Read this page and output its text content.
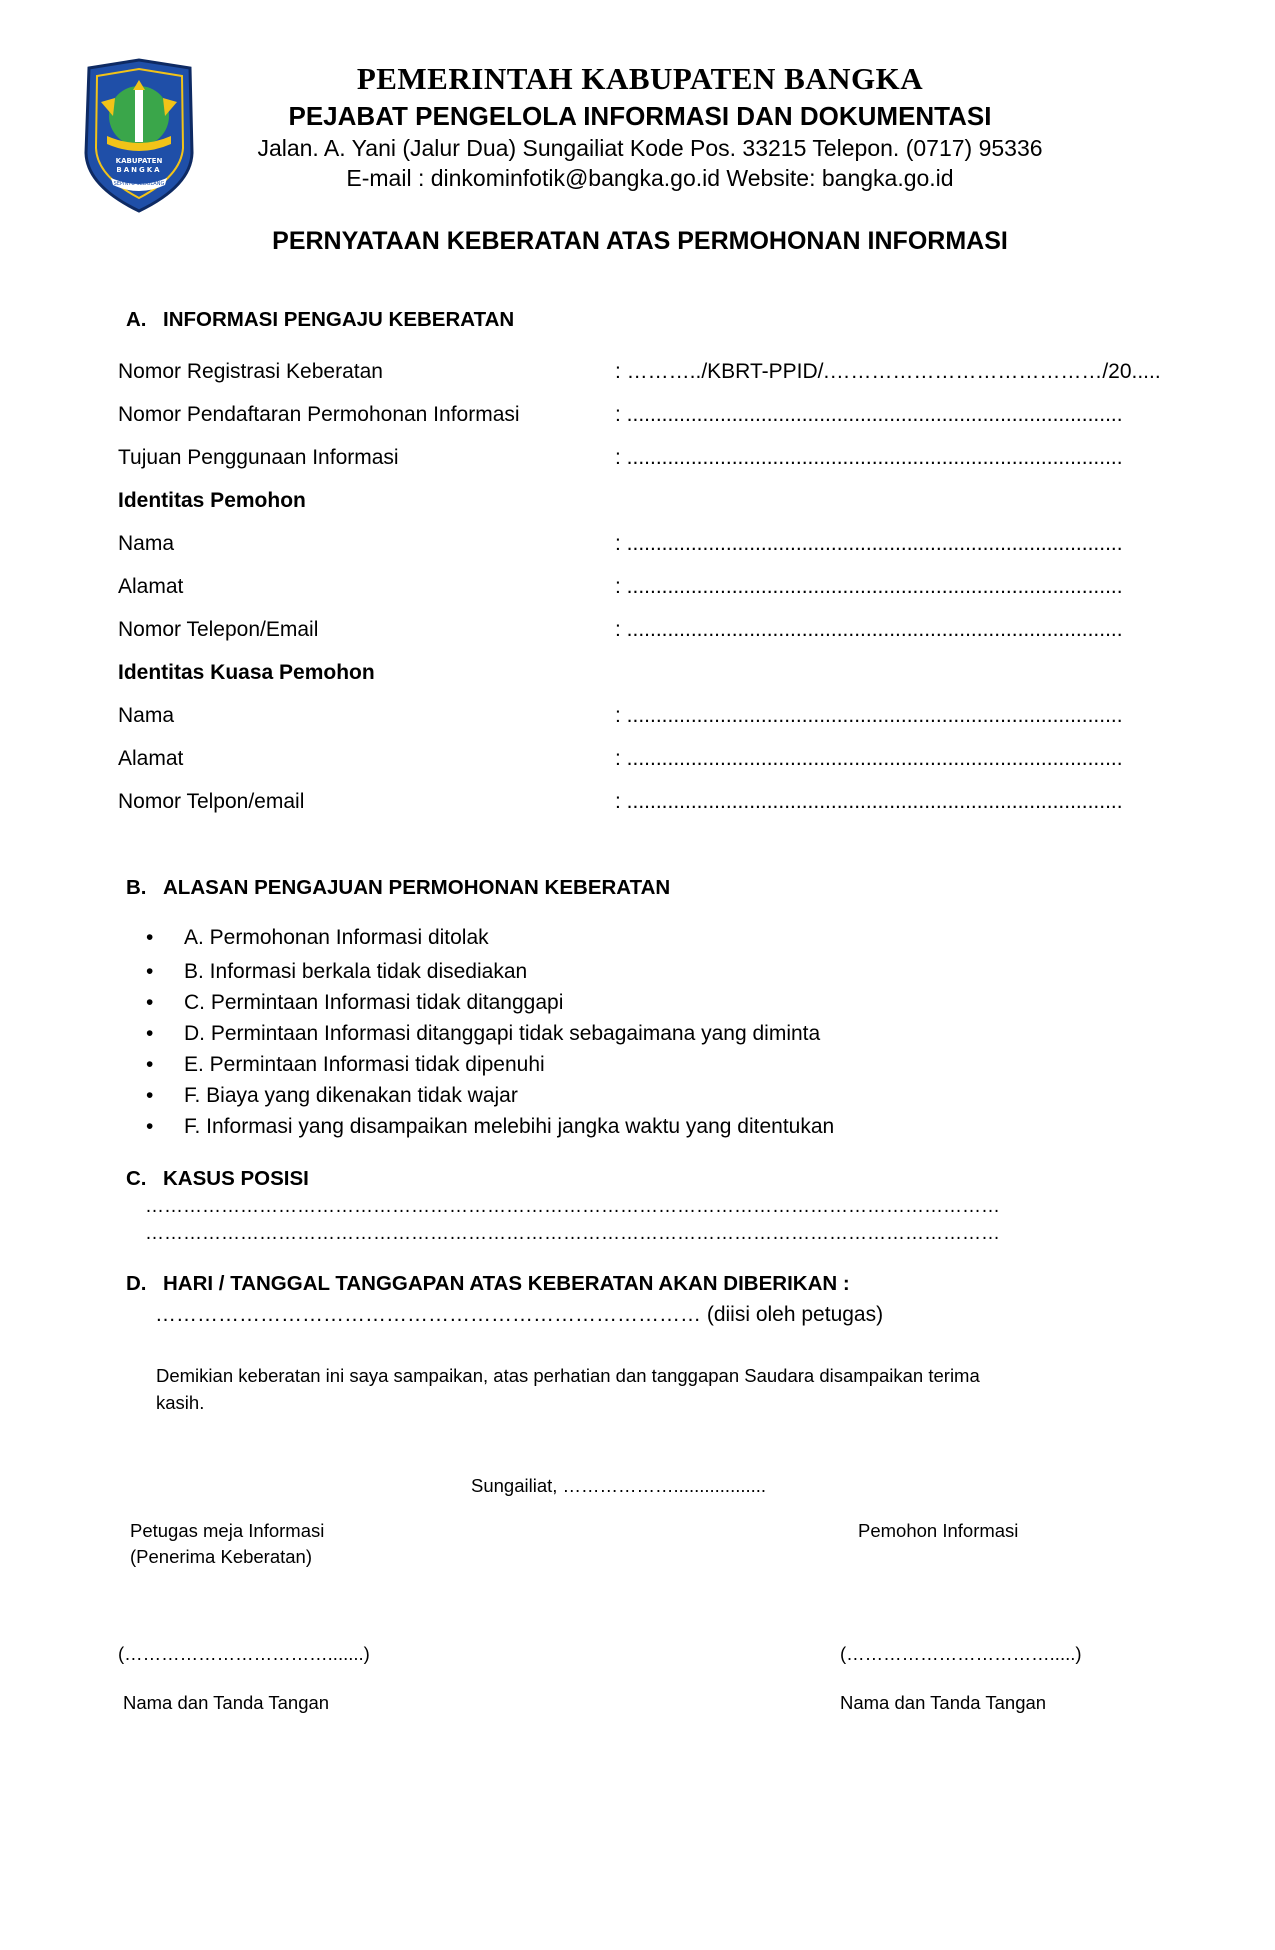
KABUPATEN
BANGKA
SEPINTU SEDULANG
PEMERINTAH KABUPATEN BANGKA
PEJABAT PENGELOLA INFORMASI DAN DOKUMENTASI
Jalan. A. Yani (Jalur Dua) Sungailiat Kode Pos. 33215 Telepon. (0717) 95336
E-mail : dinkominfotik@bangka.go.id Website: bangka.go.id
PERNYATAAN KEBERATAN ATAS PERMOHONAN INFORMASI
A. INFORMASI PENGAJU KEBERATAN
Nomor Registrasi Keberatan	: ………../KBRT-PPID/.…………………………………/20.....
Nomor Pendaftaran Permohonan Informasi	: .....................................................................................
Tujuan Penggunaan Informasi	: .....................................................................................
Identitas Pemohon
Nama	: .....................................................................................
Alamat	: .....................................................................................
Nomor Telepon/Email	: .....................................................................................
Identitas Kuasa Pemohon
Nama	: .....................................................................................
Alamat	: .....................................................................................
Nomor Telpon/email	: .....................................................................................
B. ALASAN PENGAJUAN PERMOHONAN KEBERATAN
• A. Permohonan Informasi ditolak
• B. Informasi berkala tidak disediakan
• C. Permintaan Informasi tidak ditanggapi
• D. Permintaan Informasi ditanggapi tidak sebagaimana yang diminta
• E. Permintaan Informasi tidak dipenuhi
• F. Biaya yang dikenakan tidak wajar
• F. Informasi yang disampaikan melebihi jangka waktu yang ditentukan
C. KASUS POSISI
………………………………………………………………………………………………………………………
………………………………………………………………………………………………………………………
D. HARI / TANGGAL TANGGAPAN ATAS KEBERATAN AKAN DIBERIKAN :
…………………………………………………………………… (diisi oleh petugas)
Demikian keberatan ini saya sampaikan, atas perhatian dan tanggapan Saudara disampaikan terima
kasih.
Sungailiat, ………………..................
Petugas meja Informasi
(Penerima Keberatan)
Pemohon Informasi
(…………………………….......)	(…………………………….....)
Nama dan Tanda Tangan	Nama dan Tanda Tangan
